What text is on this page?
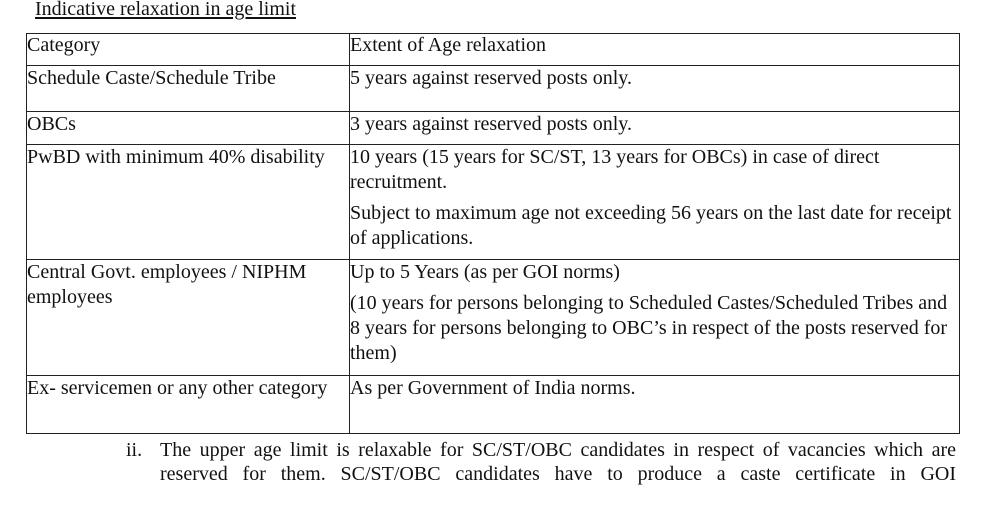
Indicative relaxation in age limit
Category	Extent of Age relaxation
Schedule Caste/Schedule Tribe	5 years against reserved posts only.

OBCs	3 years against reserved posts only.

PwBD with minimum 40% disability	10 years (15 years for SC/ST, 13 years for OBCs) in case of direct recruitment.

Subject to maximum age not exceeding 56 years on the last date for receipt of applications.

Central Govt. employees / NIPHM employees	Up to 5 Years (as per GOI norms)

(10 years for persons belonging to Scheduled Castes/Scheduled Tribes and 8 years for persons belonging to OBC’s in respect of the posts reserved for them)

Ex- servicemen or any other category	As per Government of India norms.

ii. The upper age limit is relaxable for SC/ST/OBC candidates in respect of vacancies which are reserved for them. SC/ST/OBC candidates have to produce a caste certificate in GOI
